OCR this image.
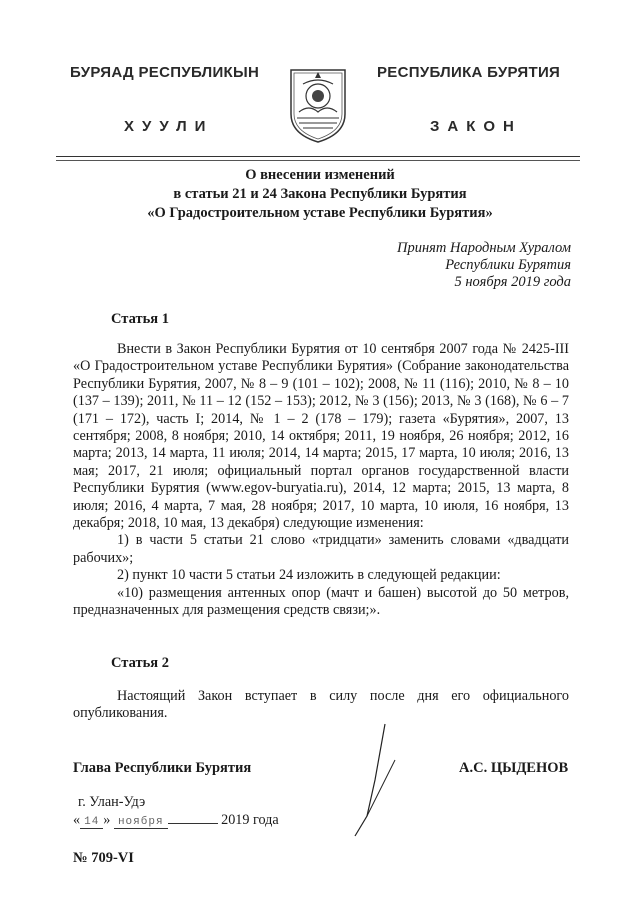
БУРЯАД РЕСПУБЛИКЫН	РЕСПУБЛИКА БУРЯТИЯ
ХУУЛИ	ЗАКОН
О внесении изменений
в статьи 21 и 24 Закона Республики Бурятия
«О Градостроительном уставе Республики Бурятия»
Принят Народным Хуралом
Республики Бурятия
5 ноября 2019 года
Статья 1

Внести в Закон Республики Бурятия от 10 сентября 2007 года № 2425-III «О Градостроительном уставе Республики Бурятия» (Собрание законодательства Республики Бурятия, 2007, № 8 – 9 (101 – 102); 2008, № 11 (116); 2010, № 8 – 10 (137 – 139); 2011, № 11 – 12 (152 – 153); 2012, № 3 (156); 2013, № 3 (168), № 6 – 7 (171 – 172), часть I; 2014, № 1 – 2 (178 – 179); газета «Бурятия», 2007, 13 сентября; 2008, 8 ноября; 2010, 14 октября; 2011, 19 ноября, 26 ноября; 2012, 16 марта; 2013, 14 марта, 11 июля; 2014, 14 марта; 2015, 17 марта, 10 июля; 2016, 13 мая; 2017, 21 июля; официальный портал органов государственной власти Республики Бурятия (www.egov-buryatia.ru), 2014, 12 марта; 2015, 13 марта, 8 июля; 2016, 4 марта, 7 мая, 28 ноября; 2017, 10 марта, 10 июля, 16 ноября, 13 декабря; 2018, 10 мая, 13 декабря) следующие изменения:

1) в части 5 статьи 21 слово «тридцати» заменить словами «двадцати рабочих»;

2) пункт 10 части 5 статьи 24 изложить в следующей редакции:

«10) размещения антенных опор (мачт и башен) высотой до 50 метров, предназначенных для размещения средств связи;».

Статья 2

Настоящий Закон вступает в силу после дня его официального опубликования.

Глава Республики Бурятия	А.С. ЦЫДЕНОВ
г. Улан-Удэ
« 14 » ноября	2019 года
№ 709-VI
